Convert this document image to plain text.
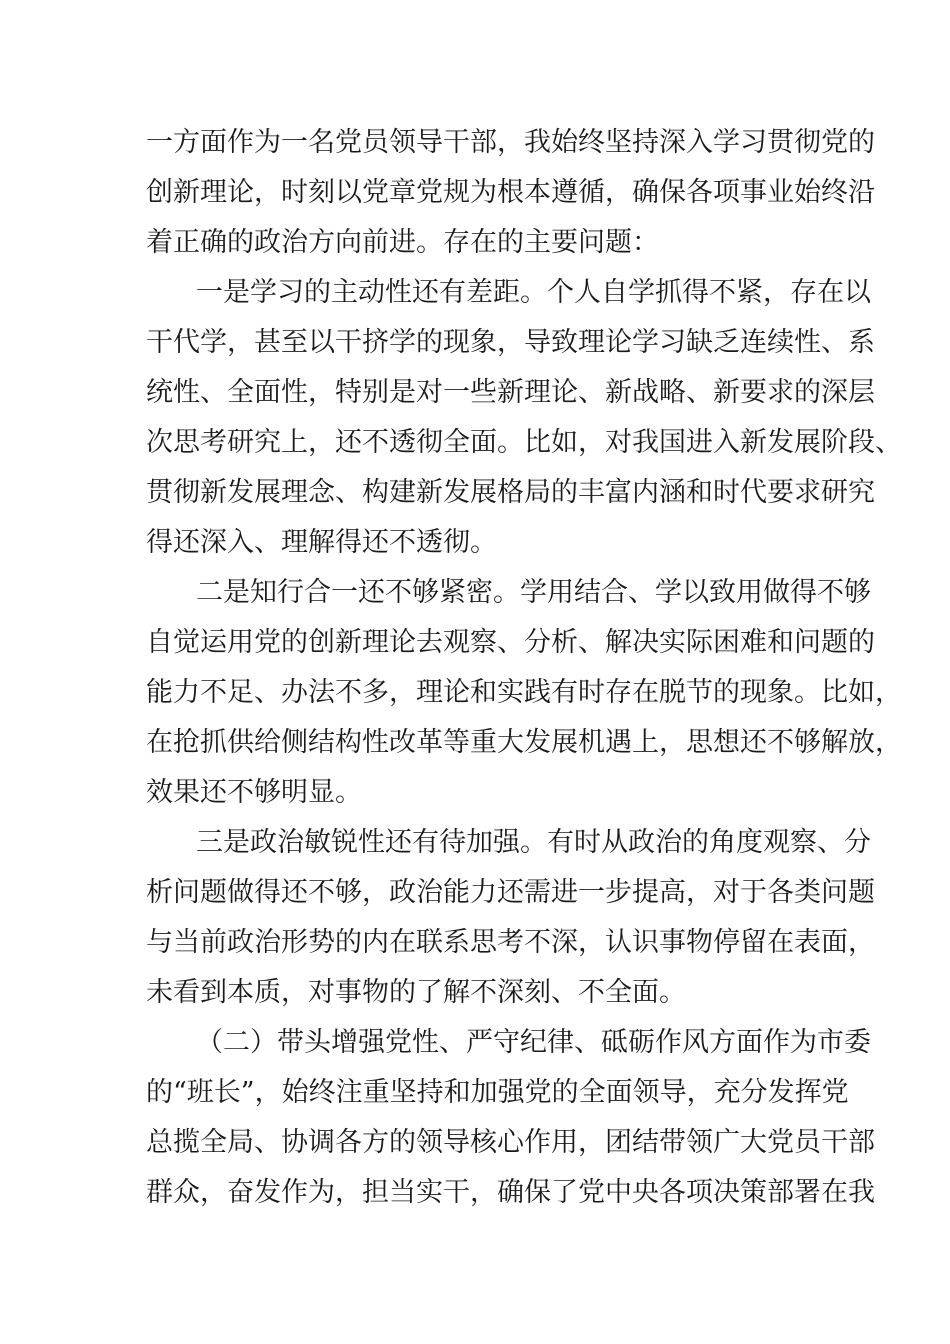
一方面作为一名党员领导干部，我始终坚持深入学习贯彻党的

创新理论，时刻以党章党规为根本遵循，确保各项事业始终沿

着正确的政治方向前进。存在的主要问题：

一是学习的主动性还有差距。个人自学抓得不紧，存在以

干代学，甚至以干挤学的现象，导致理论学习缺乏连续性、系

统性、全面性，特别是对一些新理论、新战略、新要求的深层

次思考研究上，还不透彻全面。比如，对我国进入新发展阶段、

贯彻新发展理念、构建新发展格局的丰富内涵和时代要求研究

得还深入、理解得还不透彻。

二是知行合一还不够紧密。学用结合、学以致用做得不够

自觉运用党的创新理论去观察、分析、解决实际困难和问题的

能力不足、办法不多，理论和实践有时存在脱节的现象。比如，

在抢抓供给侧结构性改革等重大发展机遇上，思想还不够解放，

效果还不够明显。

三是政治敏锐性还有待加强。有时从政治的角度观察、分

析问题做得还不够，政治能力还需进一步提高，对于各类问题

与当前政治形势的内在联系思考不深，认识事物停留在表面，

未看到本质，对事物的了解不深刻、不全面。

（二）带头增强党性、严守纪律、砥砺作风方面作为市委

的“班长”，始终注重坚持和加强党的全面领导，充分发挥党

总揽全局、协调各方的领导核心作用，团结带领广大党员干部

群众，奋发作为，担当实干，确保了党中央各项决策部署在我
